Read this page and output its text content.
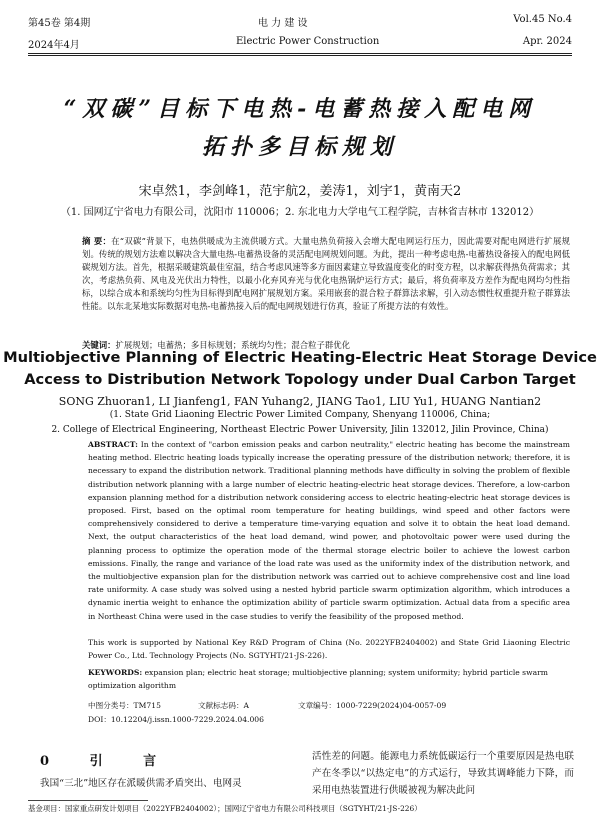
第45卷 第4期	电 力 建 设	Vol.45 No.4
2024年4月	Electric Power Construction	Apr. 2024
“双碳”目标下电热-电蓄热接入配电网
拓扑多目标规划
宋卓然1，李剑峰1，范宇航2，姜涛1，刘宇1，黄南天2
（1. 国网辽宁省电力有限公司，沈阳市 110006；2. 东北电力大学电气工程学院，吉林省吉林市 132012）
摘 要：在“双碳”背景下，电热供暖成为主流供暖方式。大量电热负荷接入会增大配电网运行压力，因此需要对配电网进行扩展规划。传统的规划方法难以解决含大量电热-电蓄热设备的灵活配电网规划问题。为此，提出一种考虑电热-电蓄热设备接入的配电网低碳规划方法。首先，根据采暖建筑最佳室温，结合考虑风速等多方面因素建立导致温度变化的时变方程，以求解获得热负荷需求；其次，考虑热负荷、风电及光伏出力特性，以最小化弃风弃光与优化电热锅炉运行方式；最后，将负荷率及方差作为配电网均匀性指标，以综合成本和系统均匀性为目标得到配电网扩展规划方案。采用嵌套的混合粒子群算法求解，引入动态惯性权重提升粒子群算法性能。以东北某地实际数据对电热-电蓄热接入后的配电网规划进行仿真，验证了所提方法的有效性。
关键词：扩展规划；电蓄热；多目标规划；系统均匀性；混合粒子群优化
Multiobjective Planning of Electric Heating-Electric Heat Storage Device
Access to Distribution Network Topology under Dual Carbon Target
SONG Zhuoran1, LI Jianfeng1, FAN Yuhang2, JIANG Tao1, LIU Yu1, HUANG Nantian2
(1. State Grid Liaoning Electric Power Limited Company, Shenyang 110006, China;
2. College of Electrical Engineering, Northeast Electric Power University, Jilin 132012, Jilin Province, China)
ABSTRACT: In the context of "carbon emission peaks and carbon neutrality," electric heating has become the mainstream heating method. Electric heating loads typically increase the operating pressure of the distribution network; therefore, it is necessary to expand the distribution network. Traditional planning methods have difficulty in solving the problem of flexible distribution network planning with a large number of electric heating-electric heat storage devices. Therefore, a low-carbon expansion planning method for a distribution network considering access to electric heating-electric heat storage devices is proposed. First, based on the optimal room temperature for heating buildings, wind speed and other factors were comprehensively considered to derive a temperature time-varying equation and solve it to obtain the heat load demand. Next, the output characteristics of the heat load demand, wind power, and photovoltaic power were used during the planning process to optimize the operation mode of the thermal storage electric boiler to achieve the lowest carbon emissions. Finally, the range and variance of the load rate was used as the uniformity index of the distribution network, and the multiobjective expansion plan for the distribution network was carried out to achieve comprehensive cost and line load rate uniformity. A case study was solved using a nested hybrid particle swarm optimization algorithm, which introduces a dynamic inertia weight to enhance the optimization ability of particle swarm optimization. Actual data from a specific area in Northeast China were used in the case studies to verify the feasibility of the proposed method.
This work is supported by National Key R&D Program of China (No. 2022YFB2404002) and State Grid Liaoning Electric Power Co., Ltd. Technology Projects (No. SGTYHT/21-JS-226).
KEYWORDS: expansion plan; electric heat storage; multiobjective planning; system uniformity; hybrid particle swarm optimization algorithm
中图分类号：TM715	文献标志码：A	文章编号：1000-7229(2024)04-0057-09
DOI：10.12204/j.issn.1000-7229.2024.04.006
0 引 言
我国“三北”地区存在派暖供需矛盾突出、电网灵
活性差的问题。能源电力系统低碳运行一个重要原因是热电联产在冬季以“以热定电”的方式运行，导致其调峰能力下降，而采用电热装置进行供暖被视为解决此问
基金项目：国家重点研发计划项目（2022YFB2404002）；国网辽宁省电力有限公司科技项目（SGTYHT/21-JS-226）
